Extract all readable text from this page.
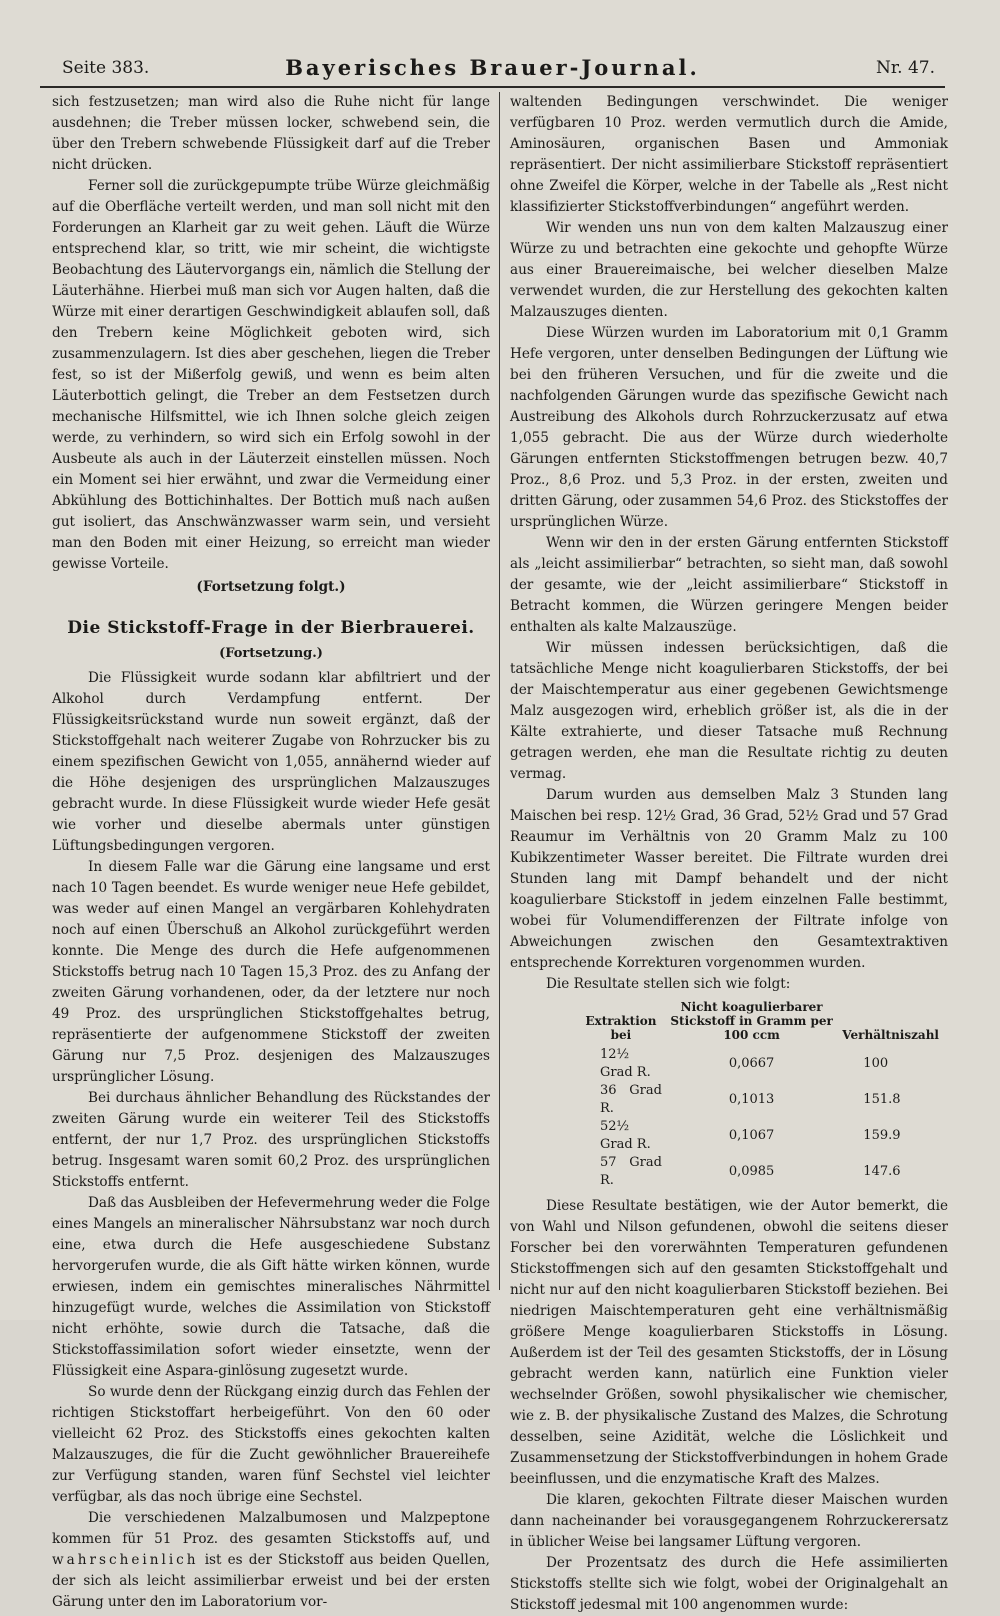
Seite 383.	Bayerisches Brauer-Journal.	Nr. 47.

sich festzusetzen; man wird also die Ruhe nicht für lange ausdehnen; die Treber müssen locker, schwebend sein, die über den Trebern schwebende Flüssigkeit darf auf die Treber nicht drücken.

Ferner soll die zurückgepumpte trübe Würze gleichmäßig auf die Oberfläche verteilt werden, und man soll nicht mit den Forderungen an Klarheit gar zu weit gehen. Läuft die Würze entsprechend klar, so tritt, wie mir scheint, die wichtigste Beobachtung des Läutervorgangs ein, nämlich die Stellung der Läuterhähne. Hierbei muß man sich vor Augen halten, daß die Würze mit einer derartigen Geschwindigkeit ablaufen soll, daß den Trebern keine Möglichkeit geboten wird, sich zusammenzulagern. Ist dies aber geschehen, liegen die Treber fest, so ist der Mißerfolg gewiß, und wenn es beim alten Läuterbottich gelingt, die Treber an dem Festsetzen durch mechanische Hilfsmittel, wie ich Ihnen solche gleich zeigen werde, zu verhindern, so wird sich ein Erfolg sowohl in der Ausbeute als auch in der Läuterzeit einstellen müssen. Noch ein Moment sei hier erwähnt, und zwar die Vermeidung einer Abkühlung des Bottichinhaltes. Der Bottich muß nach außen gut isoliert, das Anschwänzwasser warm sein, und versieht man den Boden mit einer Heizung, so erreicht man wieder gewisse Vorteile.

(Fortsetzung folgt.)
Die Stickstoff-Frage in der Bierbrauerei.
(Fortsetzung.)

Die Flüssigkeit wurde sodann klar abfiltriert und der Alkohol durch Verdampfung entfernt. Der Flüssigkeitsrückstand wurde nun soweit ergänzt, daß der Stickstoffgehalt nach weiterer Zugabe von Rohrzucker bis zu einem spezifischen Gewicht von 1,055, annähernd wieder auf die Höhe desjenigen des ursprünglichen Malzauszuges gebracht wurde. In diese Flüssigkeit wurde wieder Hefe gesät wie vorher und dieselbe abermals unter günstigen Lüftungsbedingungen vergoren.

In diesem Falle war die Gärung eine langsame und erst nach 10 Tagen beendet. Es wurde weniger neue Hefe gebildet, was weder auf einen Mangel an vergärbaren Kohlehydraten noch auf einen Überschuß an Alkohol zurückgeführt werden konnte. Die Menge des durch die Hefe aufgenommenen Stickstoffs betrug nach 10 Tagen 15,3 Proz. des zu Anfang der zweiten Gärung vorhandenen, oder, da der letztere nur noch 49 Proz. des ursprünglichen Stickstoffgehaltes betrug, repräsentierte der aufgenommene Stickstoff der zweiten Gärung nur 7,5 Proz. desjenigen des Malzauszuges ursprünglicher Lösung.

Bei durchaus ähnlicher Behandlung des Rückstandes der zweiten Gärung wurde ein weiterer Teil des Stickstoffs entfernt, der nur 1,7 Proz. des ursprünglichen Stickstoffs betrug. Insgesamt waren somit 60,2 Proz. des ursprünglichen Stickstoffs entfernt.

Daß das Ausbleiben der Hefevermehrung weder die Folge eines Mangels an mineralischer Nährsubstanz war noch durch eine, etwa durch die Hefe ausgeschiedene Substanz hervorgerufen wurde, die als Gift hätte wirken können, wurde erwiesen, indem ein gemischtes mineralisches Nährmittel hinzugefügt wurde, welches die Assimilation von Stickstoff nicht erhöhte, sowie durch die Tatsache, daß die Stickstoffassimilation sofort wieder einsetzte, wenn der Flüssigkeit eine Aspara-ginlösung zugesetzt wurde.

So wurde denn der Rückgang einzig durch das Fehlen der richtigen Stickstoffart herbeigeführt. Von den 60 oder vielleicht 62 Proz. des Stickstoffs eines gekochten kalten Malzauszuges, die für die Zucht gewöhnlicher Brauereihefe zur Verfügung standen, waren fünf Sechstel viel leichter verfügbar, als das noch übrige eine Sechstel.

Die verschiedenen Malzalbumosen und Malzpeptone kommen für 51 Proz. des gesamten Stickstoffs auf, und wahrscheinlich ist es der Stickstoff aus beiden Quellen, der sich als leicht assimilierbar erweist und bei der ersten Gärung unter den im Laboratorium vor-

waltenden Bedingungen verschwindet. Die weniger verfügbaren 10 Proz. werden vermutlich durch die Amide, Aminosäuren, organischen Basen und Ammoniak repräsentiert. Der nicht assimilierbare Stickstoff repräsentiert ohne Zweifel die Körper, welche in der Tabelle als „Rest nicht klassifizierter Stickstoffverbindungen“ angeführt werden.

Wir wenden uns nun von dem kalten Malzauszug einer Würze zu und betrachten eine gekochte und gehopfte Würze aus einer Brauereimaische, bei welcher dieselben Malze verwendet wurden, die zur Herstellung des gekochten kalten Malzauszuges dienten.

Diese Würzen wurden im Laboratorium mit 0,1 Gramm Hefe vergoren, unter denselben Bedingungen der Lüftung wie bei den früheren Versuchen, und für die zweite und die nachfolgenden Gärungen wurde das spezifische Gewicht nach Austreibung des Alkohols durch Rohrzuckerzusatz auf etwa 1,055 gebracht. Die aus der Würze durch wiederholte Gärungen entfernten Stickstoffmengen betrugen bezw. 40,7 Proz., 8,6 Proz. und 5,3 Proz. in der ersten, zweiten und dritten Gärung, oder zusammen 54,6 Proz. des Stickstoffes der ursprünglichen Würze.

Wenn wir den in der ersten Gärung entfernten Stickstoff als „leicht assimilierbar“ betrachten, so sieht man, daß sowohl der gesamte, wie der „leicht assimilierbare“ Stickstoff in Betracht kommen, die Würzen geringere Mengen beider enthalten als kalte Malzauszüge.

Wir müssen indessen berücksichtigen, daß die tatsächliche Menge nicht koagulierbaren Stickstoffs, der bei der Maischtemperatur aus einer gegebenen Gewichtsmenge Malz ausgezogen wird, erheblich größer ist, als die in der Kälte extrahierte, und dieser Tatsache muß Rechnung getragen werden, ehe man die Resultate richtig zu deuten vermag.

Darum wurden aus demselben Malz 3 Stunden lang Maischen bei resp. 12½ Grad, 36 Grad, 52½ Grad und 57 Grad Reaumur im Verhältnis von 20 Gramm Malz zu 100 Kubikzentimeter Wasser bereitet. Die Filtrate wurden drei Stunden lang mit Dampf behandelt und der nicht koagulierbare Stickstoff in jedem einzelnen Falle bestimmt, wobei für Volumendifferenzen der Filtrate infolge von Abweichungen zwischen den Gesamtextraktiven entsprechende Korrekturen vorgenommen wurden.

Die Resultate stellen sich wie folgt:

Extraktion bei	Nicht koagulierbarer Stickstoff in Gramm per 100 ccm	Verhältniszahl
12½ Grad R.	0,0667	100
36 Grad R.	0,1013	151.8
52½ Grad R.	0,1067	159.9
57 Grad R.	0,0985	147.6

Diese Resultate bestätigen, wie der Autor bemerkt, die von Wahl und Nilson gefundenen, obwohl die seitens dieser Forscher bei den vorerwähnten Temperaturen gefundenen Stickstoffmengen sich auf den gesamten Stickstoffgehalt und nicht nur auf den nicht koagulierbaren Stickstoff beziehen. Bei niedrigen Maischtemperaturen geht eine verhältnismäßig größere Menge koagulierbaren Stickstoffs in Lösung. Außerdem ist der Teil des gesamten Stickstoffs, der in Lösung gebracht werden kann, natürlich eine Funktion vieler wechselnder Größen, sowohl physikalischer wie chemischer, wie z. B. der physikalische Zustand des Malzes, die Schrotung desselben, seine Azidität, welche die Löslichkeit und Zusammensetzung der Stickstoffverbindungen in hohem Grade beeinflussen, und die enzymatische Kraft des Malzes.

Die klaren, gekochten Filtrate dieser Maischen wurden dann nacheinander bei vorausgegangenem Rohrzuckerersatz in üblicher Weise bei langsamer Lüftung vergoren.

Der Prozentsatz des durch die Hefe assimilierten Stickstoffs stellte sich wie folgt, wobei der Originalgehalt an Stickstoff jedesmal mit 100 angenommen wurde:
